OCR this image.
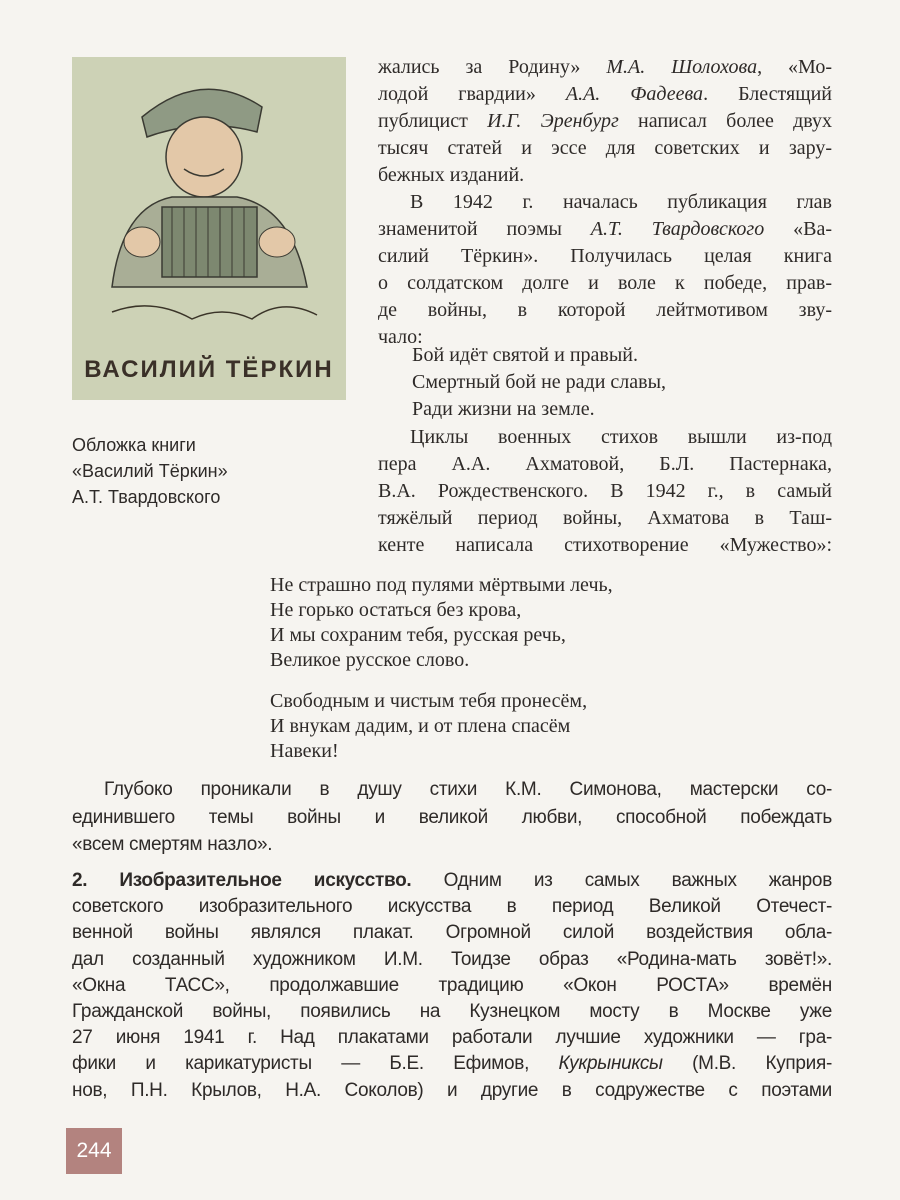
ВАСИЛИЙ ТЁРКИН
Обложка книги
«Василий Тёркин»
А.Т. Твардовского
жались за Родину» М.А. Шолохова, «Мо-
лодой гвардии» А.А. Фадеева. Блестящий
публицист И.Г. Эренбург написал более двух
тысяч статей и эссе для советских и зару-
бежных изданий.
В 1942 г. началась публикация глав
знаменитой поэмы А.Т. Твардовского «Ва-
силий Тёркин». Получилась целая книга
о солдатском долге и воле к победе, прав-
де войны, в которой лейтмотивом зву-
чало:
Бой идёт святой и правый.
Смертный бой не ради славы,
Ради жизни на земле.
Циклы военных стихов вышли из-под
пера А.А. Ахматовой, Б.Л. Пастернака,
В.А. Рождественского. В 1942 г., в самый
тяжёлый период войны, Ахматова в Таш-
кенте написала стихотворение «Мужество»:
Не страшно под пулями мёртвыми лечь,
Не горько остаться без крова,
И мы сохраним тебя, русская речь,
Великое русское слово.
Свободным и чистым тебя пронесём,
И внукам дадим, и от плена спасём
Навеки!
Глубоко проникали в душу стихи К.М. Симонова, мастерски со-
единившего темы войны и великой любви, способной побеждать
«всем смертям назло».
2. Изобразительное искусство. Одним из самых важных жанров
советского изобразительного искусства в период Великой Отечест-
венной войны являлся плакат. Огромной силой воздействия обла-
дал созданный художником И.М. Тоидзе образ «Родина-мать зовёт!».
«Окна ТАСС», продолжавшие традицию «Окон РОСТА» времён
Гражданской войны, появились на Кузнецком мосту в Москве уже
27 июня 1941 г. Над плакатами работали лучшие художники — гра-
фики и карикатуристы — Б.Е. Ефимов, Кукрыниксы (М.В. Куприя-
нов, П.Н. Крылов, Н.А. Соколов) и другие в содружестве с поэтами
244
